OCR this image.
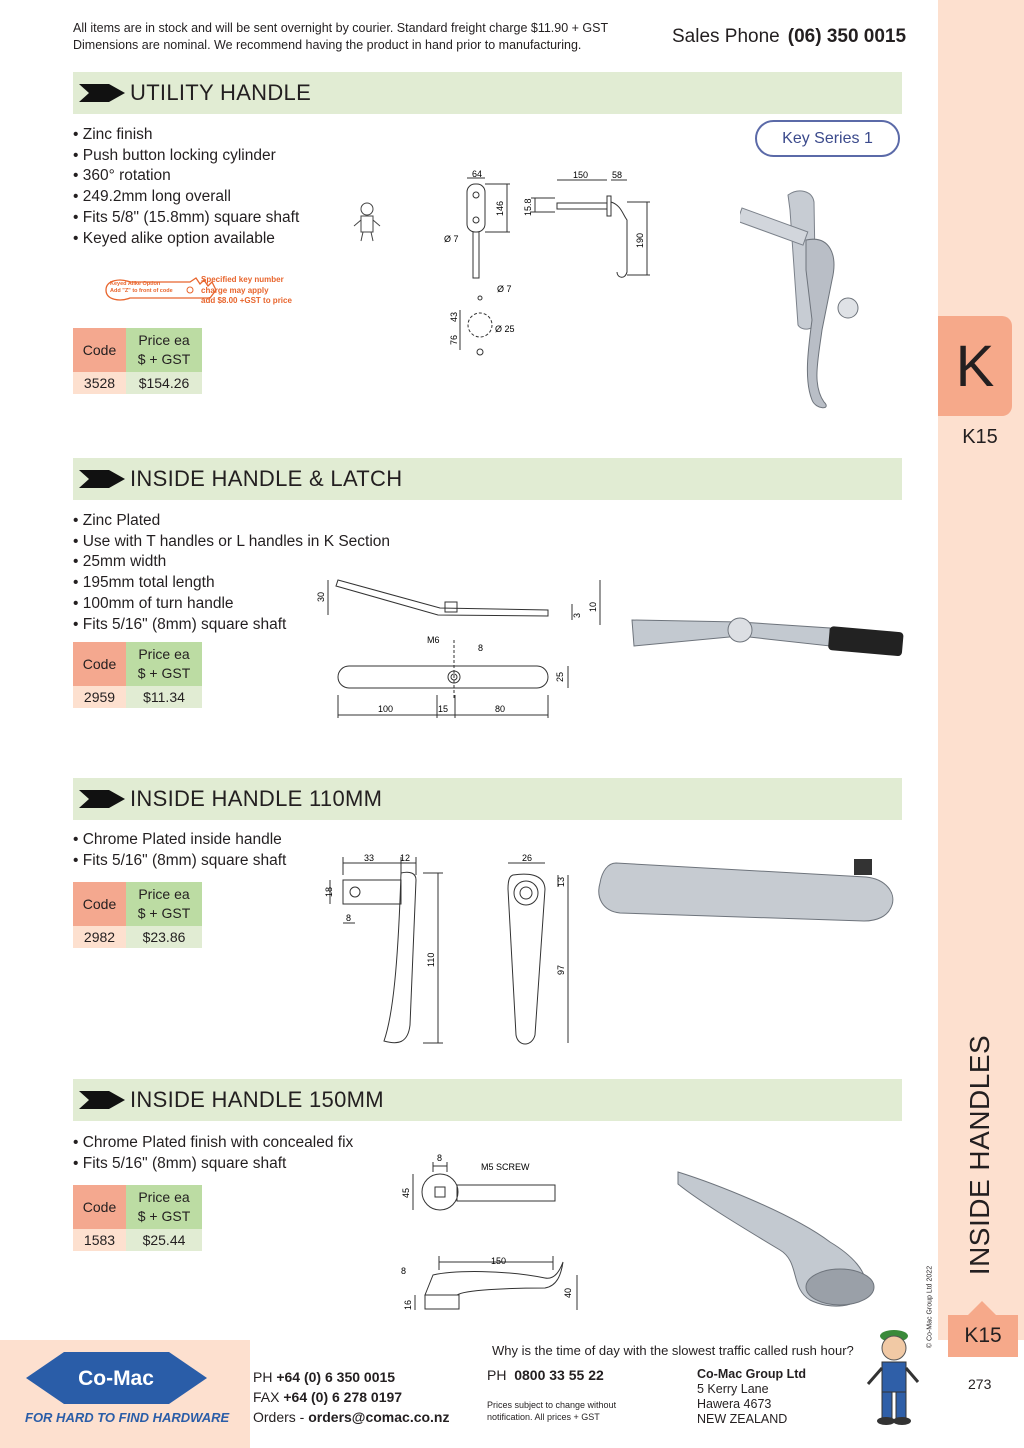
All items are in stock and will be sent overnight by courier. Standard freight charge $11.90 + GST
Dimensions are nominal. We recommend having the product in hand prior to manufacturing.	Sales Phone (06) 350 0015
K
K15
INSIDE HANDLES
© Co-Mac Group Ltd 2022	K15
273
UTILITY HANDLE
• Zinc finish
• Push button locking cylinder
• 360° rotation
• 249.2mm long overall
• Fits 5/8" (15.8mm) square shaft
• Keyed alike option available
Key Series 1
Keyed Alike Option
Add "Z" to front of code
Specified key number
charge may apply
add $8.00 +GST to price
Code	Price ea
$ + GST

3528	$154.26
64
146 15.8
150	58
190
Ø 7
Ø 7
43
76
Ø 25
INSIDE HANDLE & LATCH
• Zinc Plated
• Use with T handles or L handles in K Section
• 25mm width
• 195mm total length
• 100mm of turn handle
• Fits 5/16" (8mm) square shaft
Code	Price ea
$ + GST

2959	$11.34
30
3
10
M6
8
25
100	15	80
INSIDE HANDLE 110MM
• Chrome Plated inside handle
• Fits 5/16" (8mm) square shaft
Code	Price ea
$ + GST

2982	$23.86
33	12
18
8
110
26
13
97
INSIDE HANDLE 150MM
• Chrome Plated finish with concealed fix
• Fits 5/16" (8mm) square shaft
Code	Price ea
$ + GST

1583	$25.44
8
M5 SCREW
45
150
8
16
40
Co-Mac
FOR HARD TO FIND HARDWARE
Why is the time of day with the slowest traffic called rush hour?
PH +64 (0) 6 350 0015
FAX +64 (0) 6 278 0197
Orders - orders@comac.co.nz
PH 0800 33 55 22
Prices subject to change without
notification. All prices + GST
Co-Mac Group Ltd
5 Kerry Lane
Hawera 4673
NEW ZEALAND
